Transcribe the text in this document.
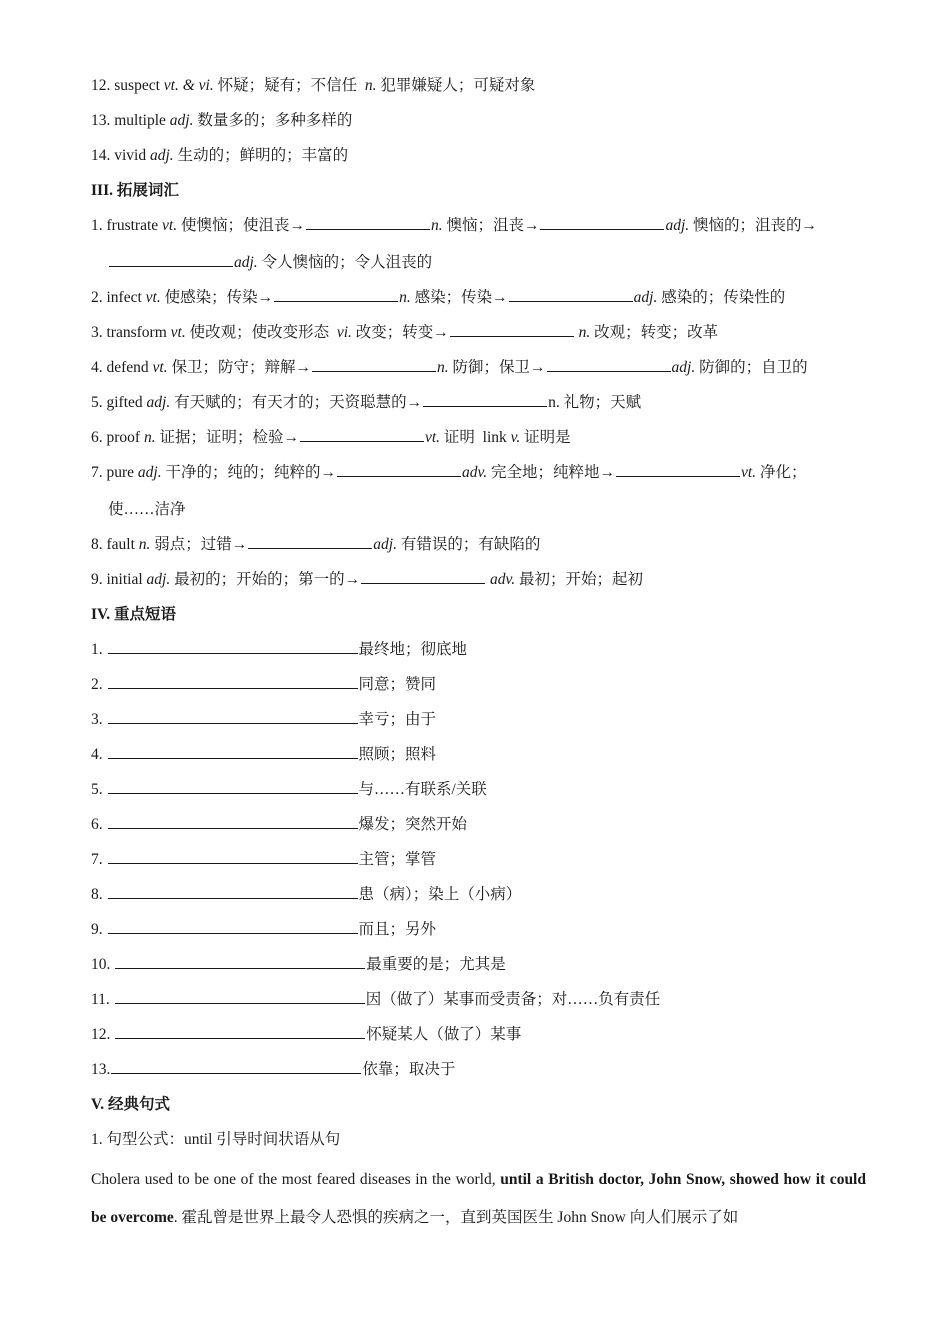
12. suspect vt. & vi. 怀疑；疑有；不信任 n. 犯罪嫌疑人；可疑对象
13. multiple adj. 数量多的；多种多样的
14. vivid adj. 生动的；鲜明的；丰富的
III. 拓展词汇
1. frustrate vt. 使懊恼；使沮丧→	n. 懊恼；沮丧→	adj. 懊恼的；沮丧的→
adj. 令人懊恼的；令人沮丧的
2. infect vt. 使感染；传染→	n. 感染；传染→	adj. 感染的；传染性的
3. transform vt. 使改观；使改变形态 vi. 改变；转变→	n. 改观；转变；改革
4. defend vt. 保卫；防守；辩解→	n. 防御；保卫→	adj. 防御的；自卫的
5. gifted adj. 有天赋的；有天才的；天资聪慧的→	n. 礼物；天赋
6. proof n. 证据；证明；检验→	vt. 证明 link v. 证明是
7. pure adj. 干净的；纯的；纯粹的→	adv. 完全地；纯粹地→	vt. 净化；
使……洁净
8. fault n. 弱点；过错→	adj. 有错误的；有缺陷的
9. initial adj. 最初的；开始的；第一的→	adv. 最初；开始；起初
IV. 重点短语
1.	最终地；彻底地
2.	同意；赞同
3.	幸亏；由于
4.	照顾；照料
5.	与……有联系/关联
6.	爆发；突然开始
7.	主管；掌管
8.	患（病）；染上（小病）
9.	而且；另外
10.	最重要的是；尤其是
11.	因（做了）某事而受责备；对……负有责任
12.	怀疑某人（做了）某事
13.	依靠；取决于
V. 经典句式
1. 句型公式：until 引导时间状语从句
Cholera used to be one of the most feared diseases in the world, until a British doctor, John Snow, showed how it could be overcome. 霍乱曾是世界上最令人恐惧的疾病之一，直到英国医生 John Snow 向人们展示了如
